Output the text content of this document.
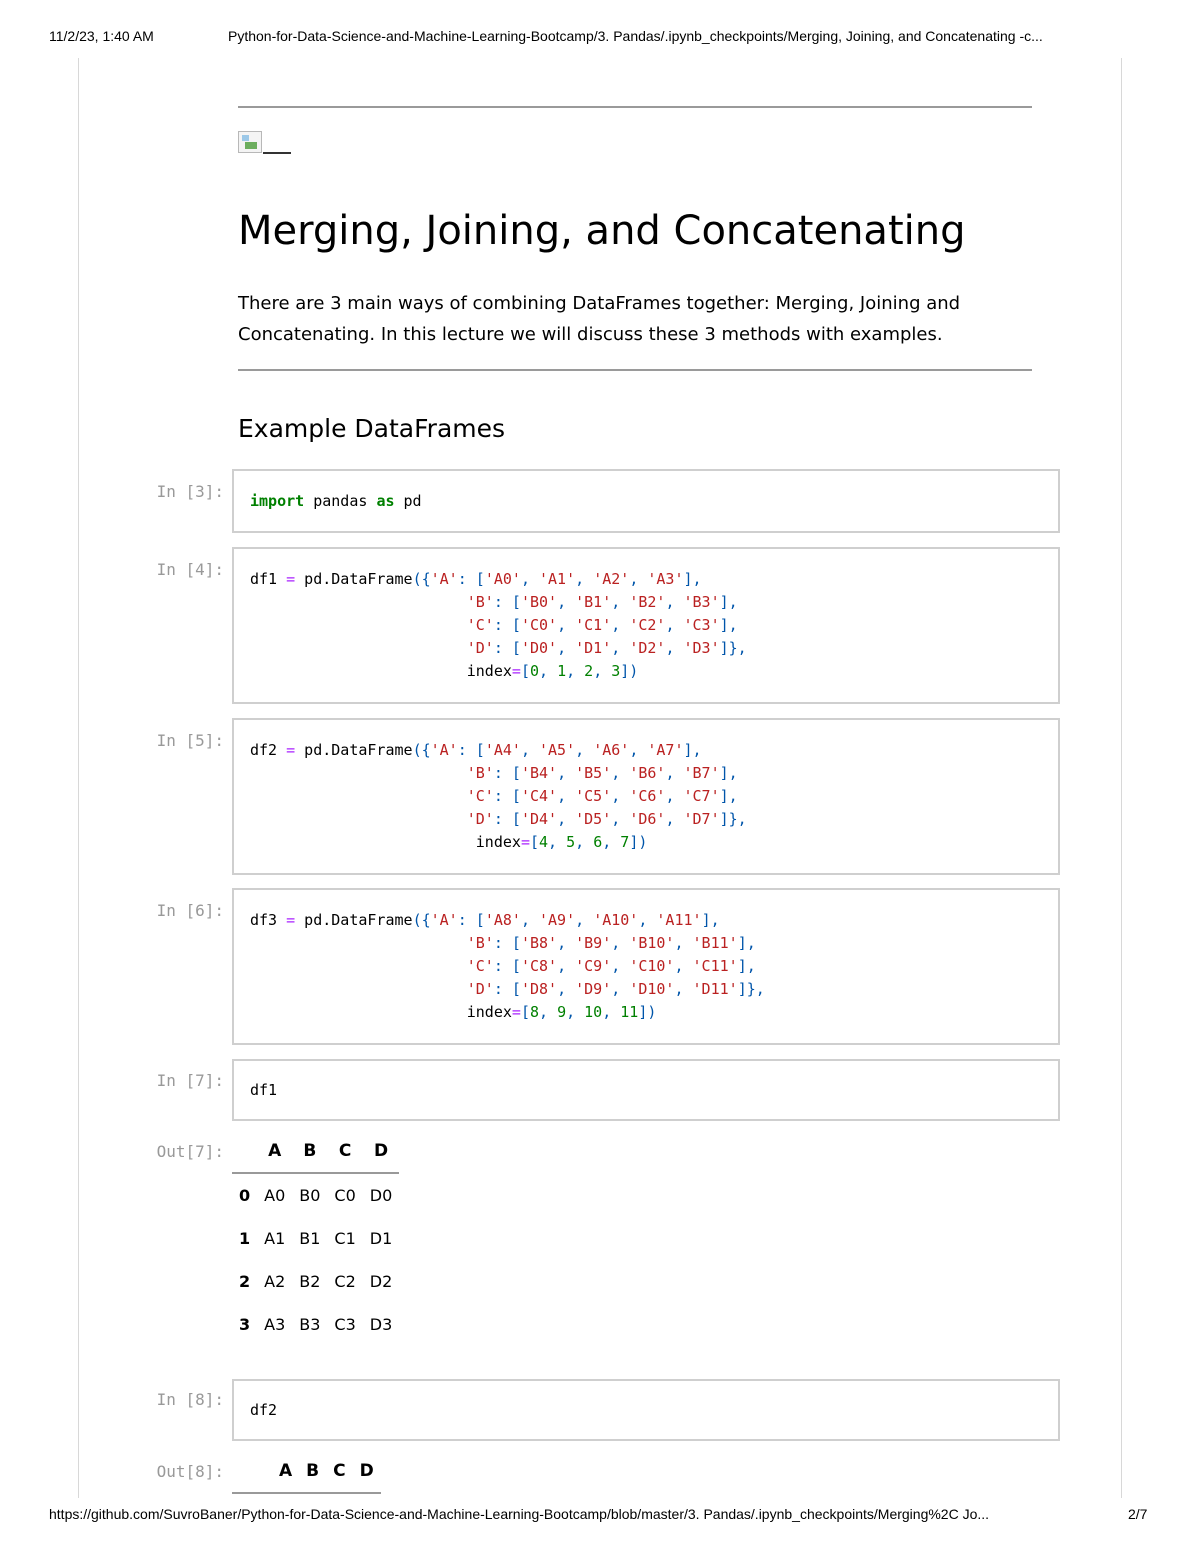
11/2/23, 1:40 AM	Python-for-Data-Science-and-Machine-Learning-Bootcamp/3. Pandas/.ipynb_checkpoints/Merging, Joining, and Concatenating -c...
Merging, Joining, and Concatenating
There are 3 main ways of combining DataFrames together: Merging, Joining and
Concatenating. In this lecture we will discuss these 3 methods with examples.
Example DataFrames
In [3]: import pandas as pd
In [4]: df1 = pd.DataFrame({'A': ['A0', 'A1', 'A2', 'A3'],
'B': ['B0', 'B1', 'B2', 'B3'],
'C': ['C0', 'C1', 'C2', 'C3'],
'D': ['D0', 'D1', 'D2', 'D3']},
index=[0, 1, 2, 3])
In [5]: df2 = pd.DataFrame({'A': ['A4', 'A5', 'A6', 'A7'],
'B': ['B4', 'B5', 'B6', 'B7'],
'C': ['C4', 'C5', 'C6', 'C7'],
'D': ['D4', 'D5', 'D6', 'D7']},
index=[4, 5, 6, 7])
In [6]: df3 = pd.DataFrame({'A': ['A8', 'A9', 'A10', 'A11'],
'B': ['B8', 'B9', 'B10', 'B11'],
'C': ['C8', 'C9', 'C10', 'C11'],
'D': ['D8', 'D9', 'D10', 'D11']},
index=[8, 9, 10, 11])
In [7]: df1
Out[7]:
		A	B	C	D
0	A0	B0	C0	D0
1	A1	B1	C1	D1
2	A2	B2	C2	D2
3	A3	B3	C3	D3
In [8]:
df2
Out[8]:
		A	B	C	D
https://github.com/SuvroBaner/Python-for-Data-Science-and-Machine-Learning-Bootcamp/blob/master/3. Pandas/.ipynb_checkpoints/Merging%2C Jo...	2/7
